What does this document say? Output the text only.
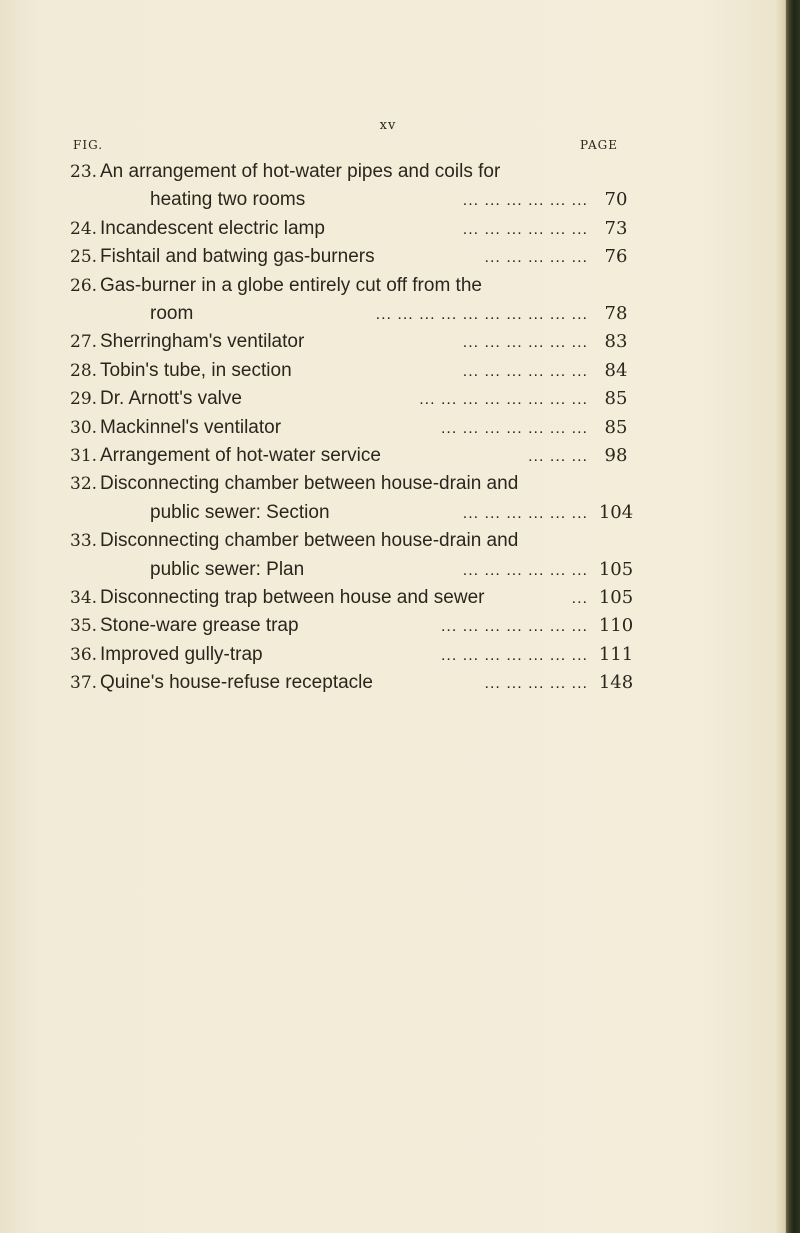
xv
FIG.	PAGE
23. An arrangement of hot-water pipes and coils for
heating two rooms	... ... ... ... ... ... 70
24. Incandescent electric lamp	... ... ... ... ... ... 73
25. Fishtail and batwing gas-burners	... ... ... ... ... 76
26. Gas-burner in a globe entirely cut off from the
room	... ... ... ... ... ... ... ... ... ... 78
27. Sherringham's ventilator	... ... ... ... ... ... 83
28. Tobin's tube, in section	... ... ... ... ... ... 84
29. Dr. Arnott's valve	... ... ... ... ... ... ... ... 85
30. Mackinnel's ventilator	... ... ... ... ... ... ... 85
31. Arrangement of hot-water service	... ... ... 98
32. Disconnecting chamber between house-drain and
public sewer: Section	... ... ... ... ... ... 104
33. Disconnecting chamber between house-drain and
public sewer: Plan	... ... ... ... ... ... 105
34. Disconnecting trap between house and sewer	... 105
35. Stone-ware grease trap	... ... ... ... ... ... ... 110
36. Improved gully-trap	... ... ... ... ... ... ... 111
37. Quine's house-refuse receptacle	... ... ... ... ... 148
